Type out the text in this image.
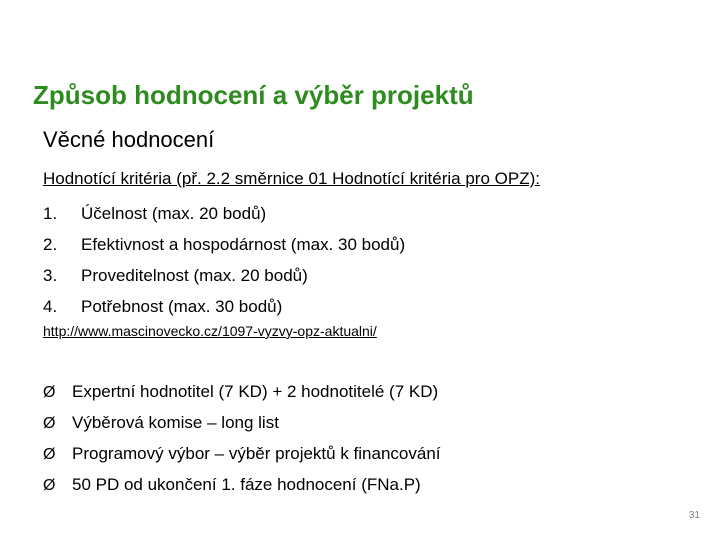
Způsob hodnocení a výběr projektů
Věcné hodnocení
Hodnotící kritéria (př. 2.2 směrnice 01 Hodnotící kritéria pro OPZ):
1. Účelnost (max. 20 bodů)
2. Efektivnost a hospodárnost (max. 30 bodů)
3. Proveditelnost (max. 20 bodů)
4. Potřebnost (max. 30 bodů)
http://www.mascinovecko.cz/1097-vyzvy-opz-aktualni/
Ø Expertní hodnotitel (7 KD) + 2 hodnotitelé (7 KD)
Ø Výběrová komise – long list
Ø Programový výbor – výběr projektů k financování
Ø 50 PD od ukončení 1. fáze hodnocení (FNa.P)
31
